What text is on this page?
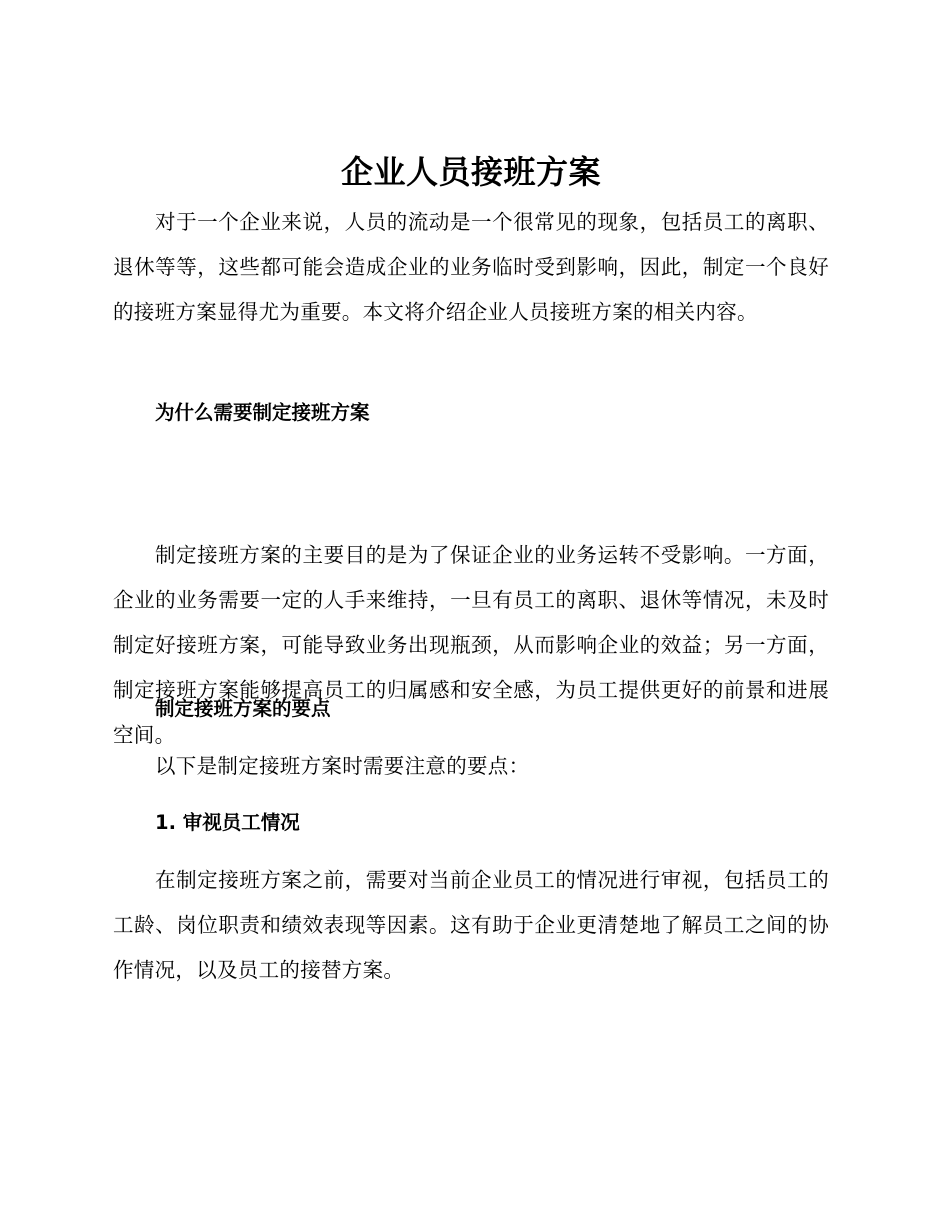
企业人员接班方案

对于一个企业来说，人员的流动是一个很常见的现象，包括员工的离职、退休等等，这些都可能会造成企业的业务临时受到影响，因此，制定一个良好的接班方案显得尤为重要。本文将介绍企业人员接班方案的相关内容。

为什么需要制定接班方案

制定接班方案的主要目的是为了保证企业的业务运转不受影响。一方面，企业的业务需要一定的人手来维持，一旦有员工的离职、退休等情况，未及时制定好接班方案，可能导致业务出现瓶颈，从而影响企业的效益；另一方面，制定接班方案能够提高员工的归属感和安全感，为员工提供更好的前景和进展空间。

制定接班方案的要点

以下是制定接班方案时需要注意的要点：

1. 审视员工情况

在制定接班方案之前，需要对当前企业员工的情况进行审视，包括员工的工龄、岗位职责和绩效表现等因素。这有助于企业更清楚地了解员工之间的协作情况，以及员工的接替方案。
